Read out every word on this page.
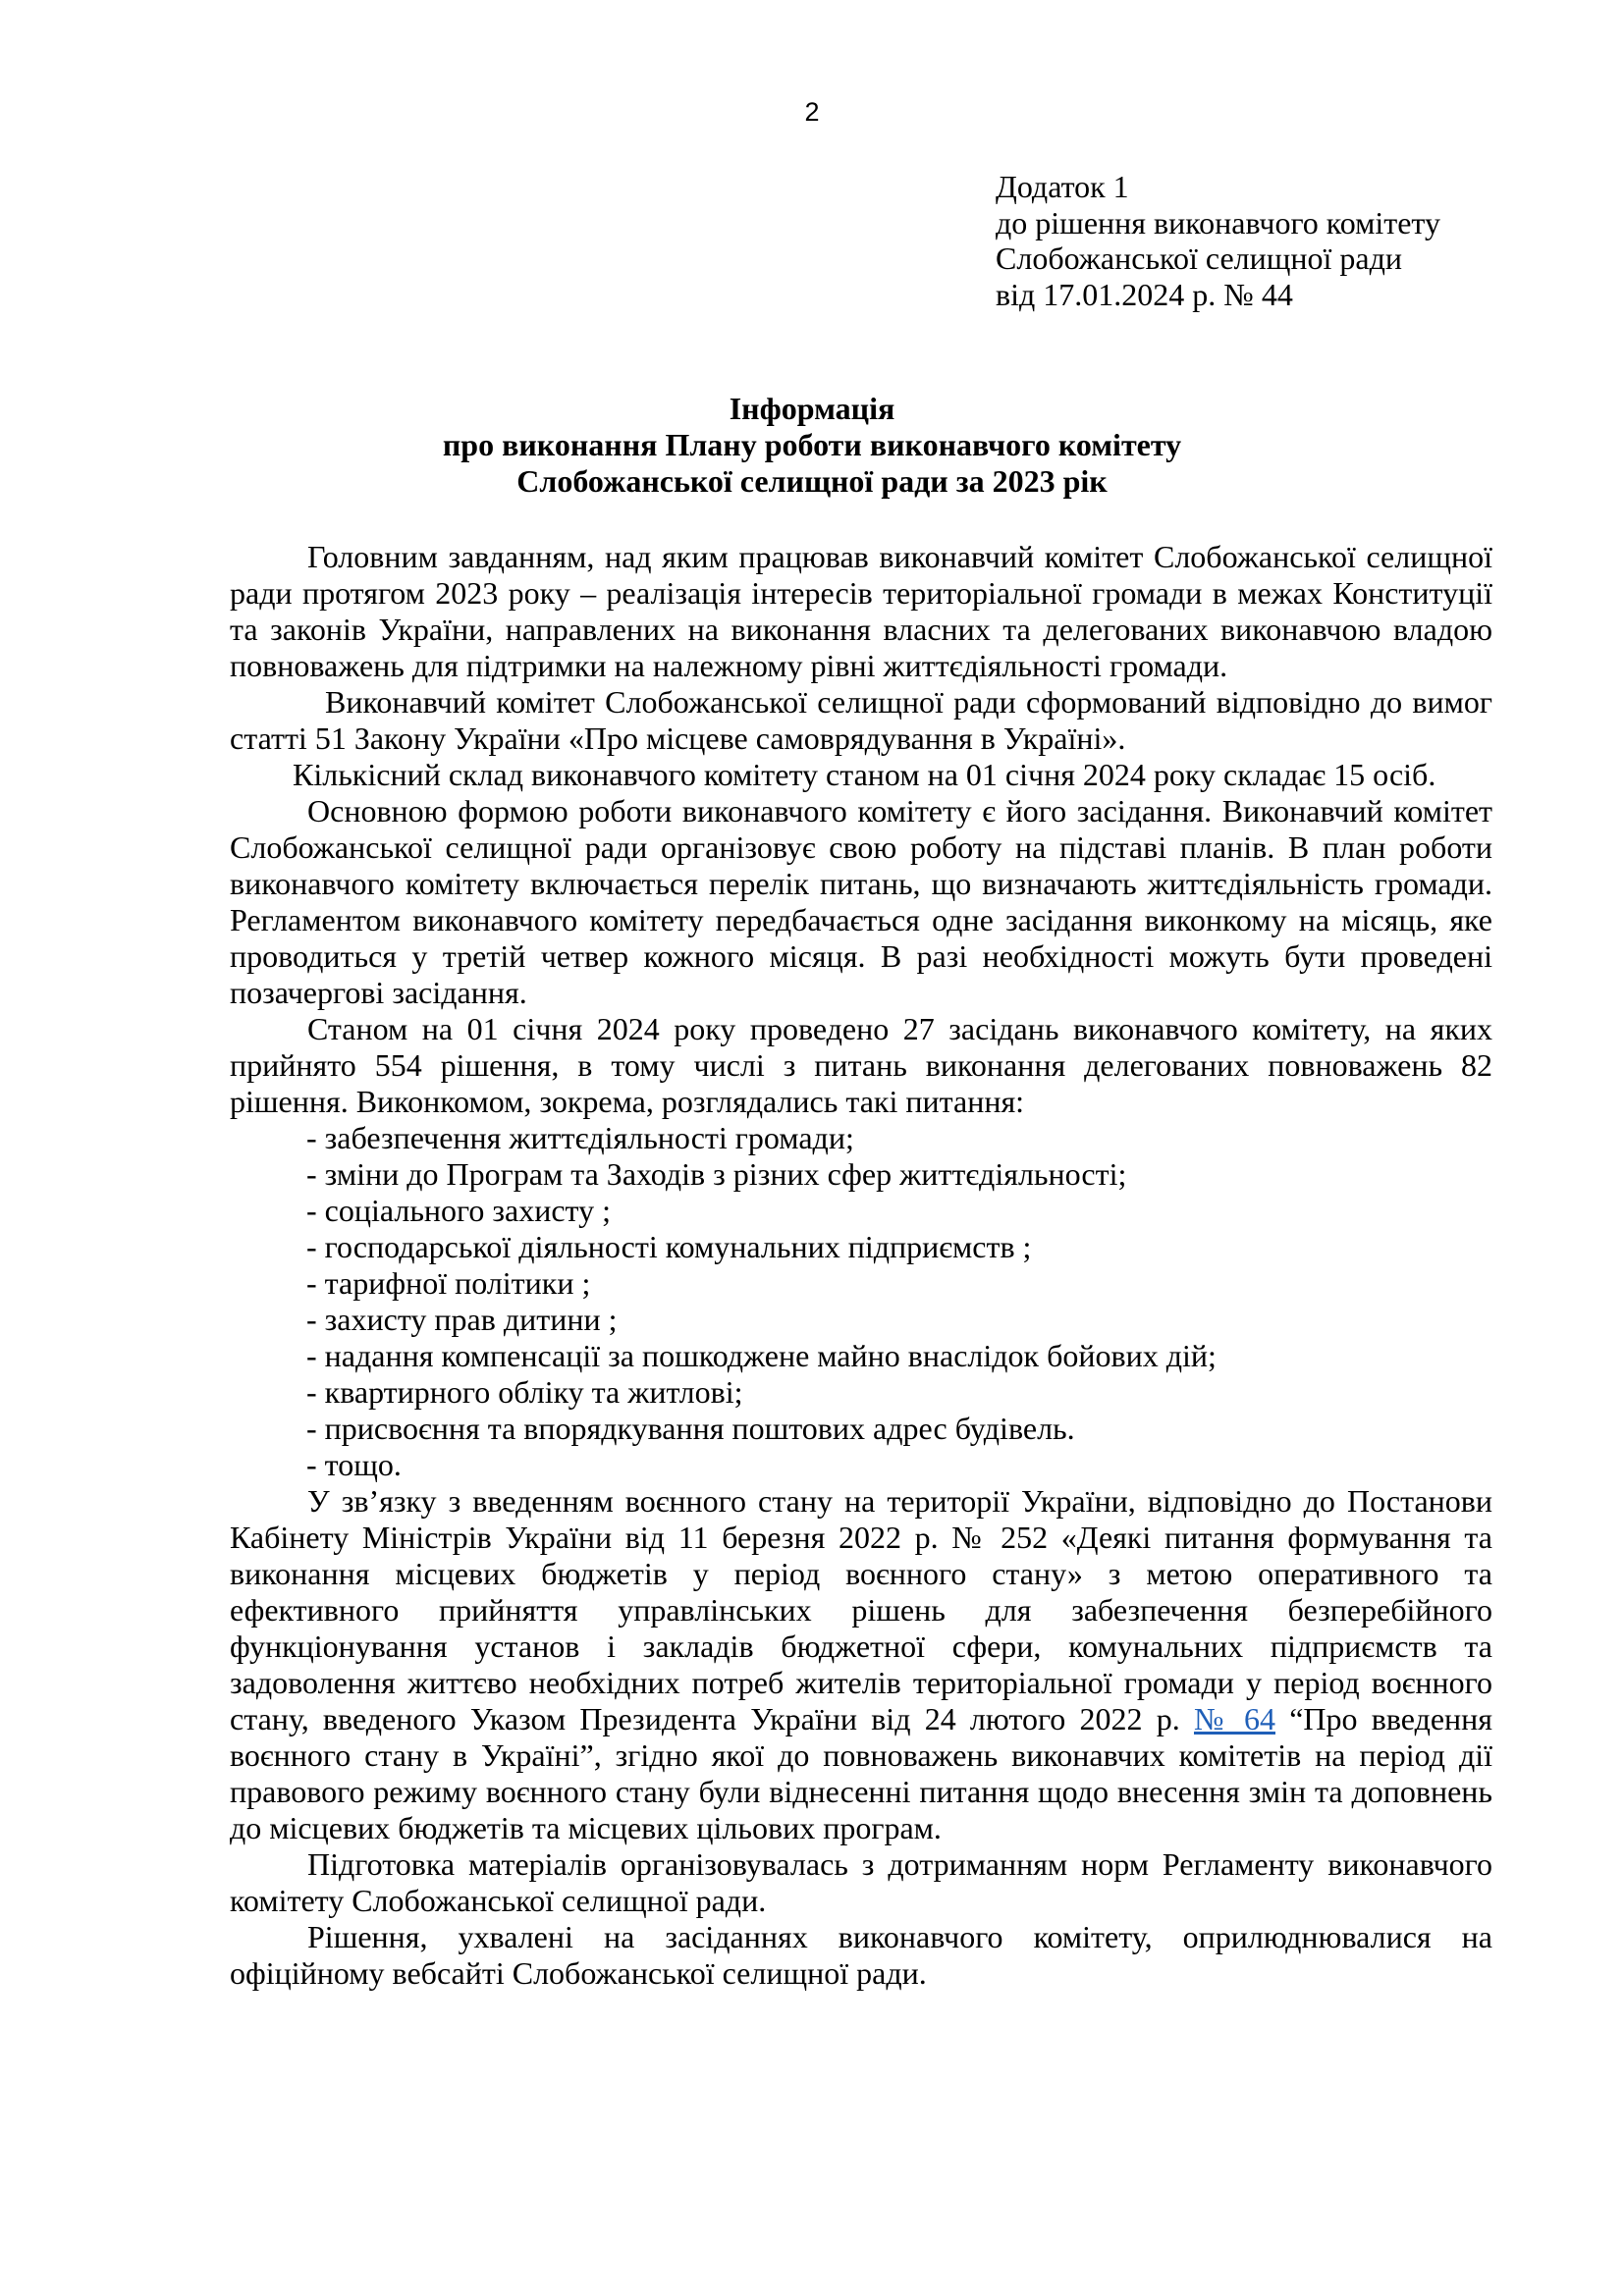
2
Додаток 1
до рішення виконавчого комітету
Слобожанської селищної ради
від 17.01.2024 р. № 44
Інформація
про виконання Плану роботи виконавчого комітету
Слобожанської селищної ради за 2023 рік

Головним завданням, над яким працював виконавчий комітет Слобожанської селищної ради протягом 2023 року – реалізація інтересів територіальної громади в межах Конституції та законів України, направлених на виконання власних та делегованих виконавчою владою повноважень для підтримки на належному рівні життєдіяльності громади.

Виконавчий комітет Слобожанської селищної ради сформований відповідно до вимог статті 51 Закону України «Про місцеве самоврядування в Україні».

Кількісний склад виконавчого комітету станом на 01 січня 2024 року складає 15 осіб.

Основною формою роботи виконавчого комітету є його засідання. Виконавчий комітет Слобожанської селищної ради організовує свою роботу на підставі планів. В план роботи виконавчого комітету включається перелік питань, що визначають життєдіяльність громади. Регламентом виконавчого комітету передбачається одне засідання виконкому на місяць, яке проводиться у третій четвер кожного місяця. В разі необхідності можуть бути проведені позачергові засідання.

Станом на 01 січня 2024 року проведено 27 засідань виконавчого комітету, на яких прийнято 554 рішення, в тому числі з питань виконання делегованих повноважень 82 рішення. Виконкомом, зокрема, розглядались такі питання:

- забезпечення життєдіяльності громади;
- зміни до Програм та Заходів з різних сфер життєдіяльності;
- соціального захисту ;
- господарської діяльності комунальних підприємств ;
- тарифної політики ;
- захисту прав дитини ;
- надання компенсації за пошкоджене майно внаслідок бойових дій;
- квартирного обліку та житлові;
- присвоєння та впорядкування поштових адрес будівель.
- тощо.

У зв’язку з введенням воєнного стану на території України, відповідно до Постанови Кабінету Міністрів України від 11 березня 2022 р. № 252 «Деякі питання формування та виконання місцевих бюджетів у період воєнного стану» з метою оперативного та ефективного прийняття управлінських рішень для забезпечення безперебійного функціонування установ і закладів бюджетної сфери, комунальних підприємств та задоволення життєво необхідних потреб жителів територіальної громади у період воєнного стану, введеного Указом Президента України від 24 лютого 2022 р. № 64 “Про введення воєнного стану в Україні”, згідно якої до повноважень виконавчих комітетів на період дії правового режиму воєнного стану були віднесенні питання щодо внесення змін та доповнень до місцевих бюджетів та місцевих цільових програм.

Підготовка матеріалів організовувалась з дотриманням норм Регламенту виконавчого комітету Слобожанської селищної ради.

Рішення, ухвалені на засіданнях виконавчого комітету, оприлюднювалися на офіційному вебсайті Слобожанської селищної ради.
